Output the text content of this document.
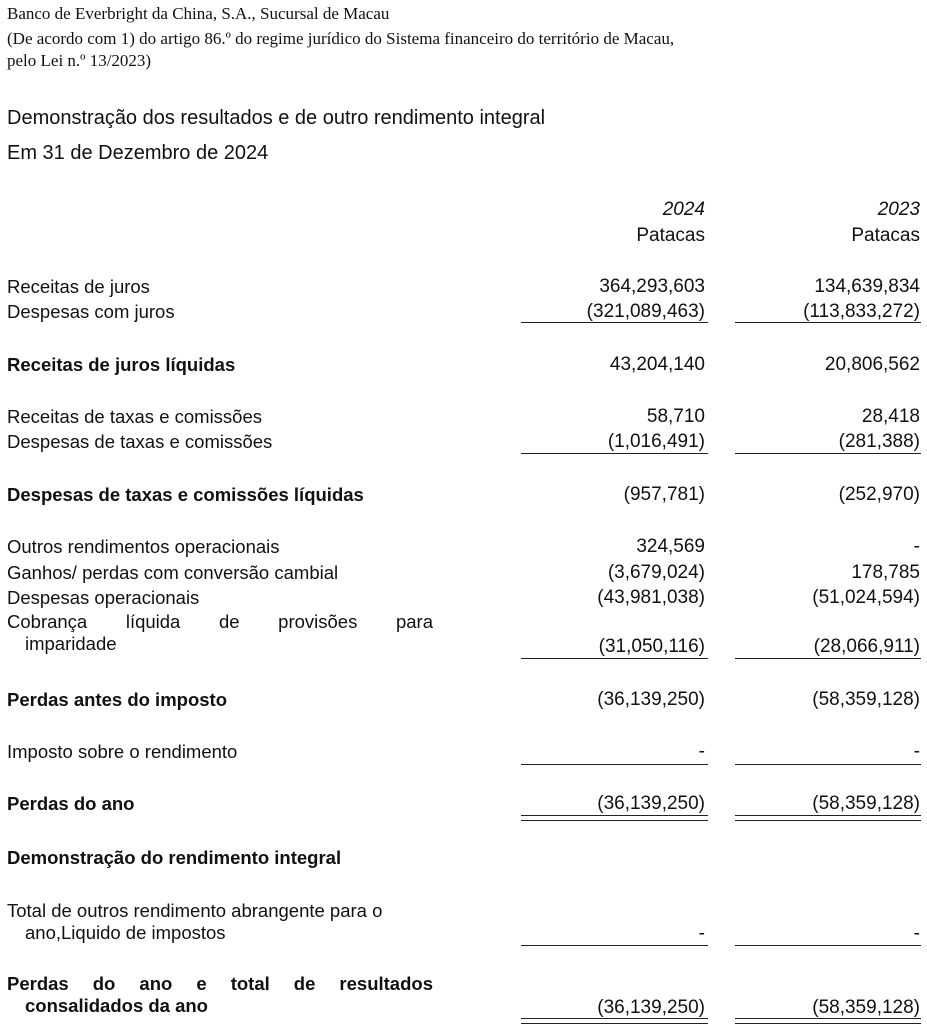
Banco de Everbright da China, S.A., Sucursal de Macau
(De acordo com 1) do artigo 86.º do regime jurídico do Sistema financeiro do território de Macau,
pelo Lei n.º 13/2023)
Demonstração dos resultados e de outro rendimento integral
Em 31 de Dezembro de 2024
2024
Patacas
2023
Patacas
Receitas de juros	364,293,603	134,639,834
Despesas com juros	(321,089,463)	(113,833,272)
Receitas de juros líquidas	43,204,140	20,806,562
Receitas de taxas e comissões	58,710	28,418
Despesas de taxas e comissões	(1,016,491)	(281,388)
Despesas de taxas e comissões líquidas	(957,781)	(252,970)
Outros rendimentos operacionais	324,569	-
Ganhos/ perdas com conversão cambial	(3,679,024)	178,785
Despesas operacionais	(43,981,038)	(51,024,594)
Cobrança líquida de provisões para
imparidade	(31,050,116)	(28,066,911)
Perdas antes do imposto	(36,139,250)	(58,359,128)
Imposto sobre o rendimento	-	-
Perdas do ano	(36,139,250)	(58,359,128)
Demonstração do rendimento integral
Total de outros rendimento abrangente para o
ano,Liquido de impostos	-	-
Perdas do ano e total de resultados
consalidados da ano	(36,139,250)	(58,359,128)
